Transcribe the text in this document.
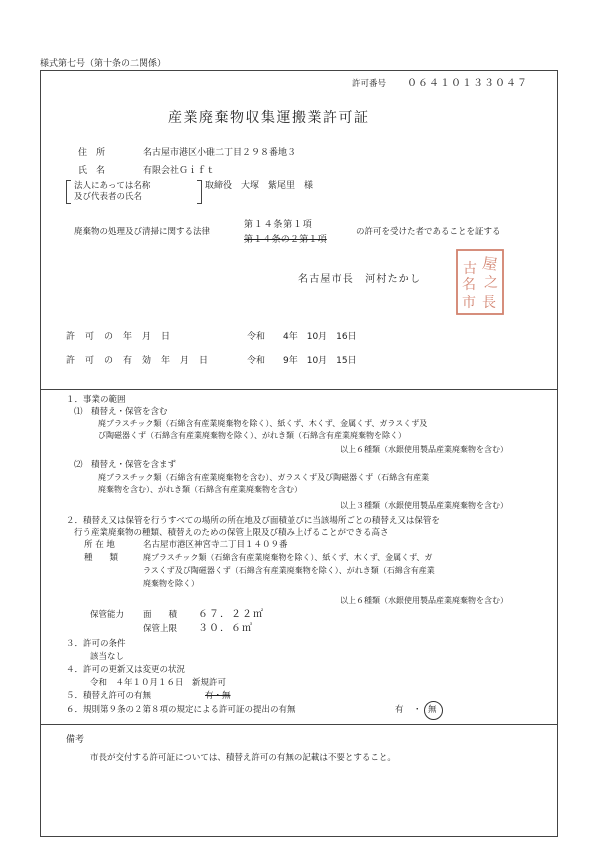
様式第七号（第十条の二関係）
許可番号 ０６４１０１３３０４７
産業廃棄物収集運搬業許可証
住　所	名古屋市港区小碓二丁目２９８番地３
氏　名	有限会社Ｇｉｆｔ
法人にあっては名称
及び代表者の氏名
取締役　大塚　紫尾里　様
廃棄物の処理及び清掃に関する法律
第１４条第１項
第１４条の２第１項
の許可を受けた者であることを証する
名古屋市長　河村たかし
屋
古
名 之
長
市
許　可　の　年　月　日	令和　　4年　10月　16日
許　可　の　有　効　年　月　日	令和　　9年　10月　15日
１．事業の範囲
⑴　積替え・保管を含む
廃プラスチック類（石綿含有産業廃棄物を除く）、紙くず、木くず、金属くず、ガラスくず及
び陶磁器くず（石綿含有産業廃棄物を除く）、がれき類（石綿含有産業廃棄物を除く）
以上６種類（水銀使用製品産業廃棄物を含む）
⑵　積替え・保管を含まず
廃プラスチック類（石綿含有産業廃棄物を含む）、ガラスくず及び陶磁器くず（石綿含有産業
廃棄物を含む）、がれき類（石綿含有産業廃棄物を含む）
以上３種類（水銀使用製品産業廃棄物を含む）
２．積替え又は保管を行うすべての場所の所在地及び面積並びに当該場所ごとの積替え又は保管を
行う産業廃棄物の種類、積替えのための保管上限及び積み上げることができる高さ
所 在 地	名古屋市港区神宮寺二丁目１４０９番
種　　類	廃プラスチック類（石綿含有産業廃棄物を除く）、紙くず、木くず、金属くず、ガ
ラスくず及び陶磁器くず（石綿含有産業廃棄物を除く）、がれき類（石綿含有産業
廃棄物を除く）
以上６種類（水銀使用製品産業廃棄物を含む）
保管能力 面　　積 ６７．２２㎡
保管上限 ３０．６㎥
３．許可の条件
該当なし
４．許可の更新又は変更の状況
令和　４年１０月１６日　新規許可
５．積替え許可の有無	有・無
６．規則第９条の２第８項の規定による許可証の提出の有無	有 ・ 無
備考
市長が交付する許可証については、積替え許可の有無の記載は不要とすること。
